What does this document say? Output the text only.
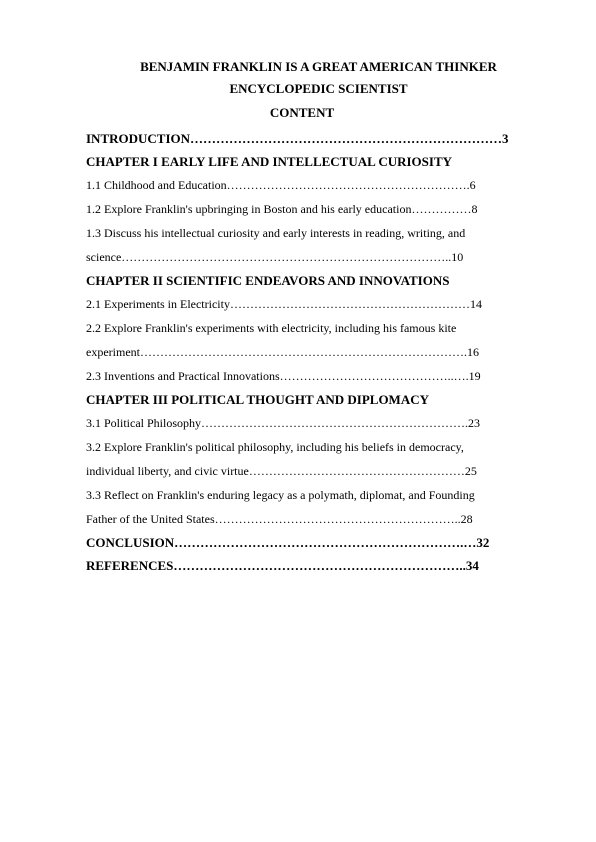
BENJAMIN FRANKLIN IS A GREAT AMERICAN THINKER
ENCYCLOPEDIC SCIENTIST
CONTENT
INTRODUCTION………………………………………………………………3
CHAPTER I EARLY LIFE AND INTELLECTUAL CURIOSITY
1.1 Childhood and Education…………………………………………………….6
1.2 Explore Franklin's upbringing in Boston and his early education……………8
1.3 Discuss his intellectual curiosity and early interests in reading, writing, and
science………………………………………………………………………..10
CHAPTER II SCIENTIFIC ENDEAVORS AND INNOVATIONS
2.1 Experiments in Electricity……………………………………………………14
2.2 Explore Franklin's experiments with electricity, including his famous kite
experiment……………………………………………………………………….16
2.3 Inventions and Practical Innovations……………………………………..….19
CHAPTER III POLITICAL THOUGHT AND DIPLOMACY
3.1 Political Philosophy………………………………………………………….23
3.2 Explore Franklin's political philosophy, including his beliefs in democracy,
individual liberty, and civic virtue………………………………………………25
3.3 Reflect on Franklin's enduring legacy as a polymath, diplomat, and Founding
Father of the United States……………………………………………………..28
CONCLUSION………………………………………………………….…32
REFERENCES…………………………………………………………..34
